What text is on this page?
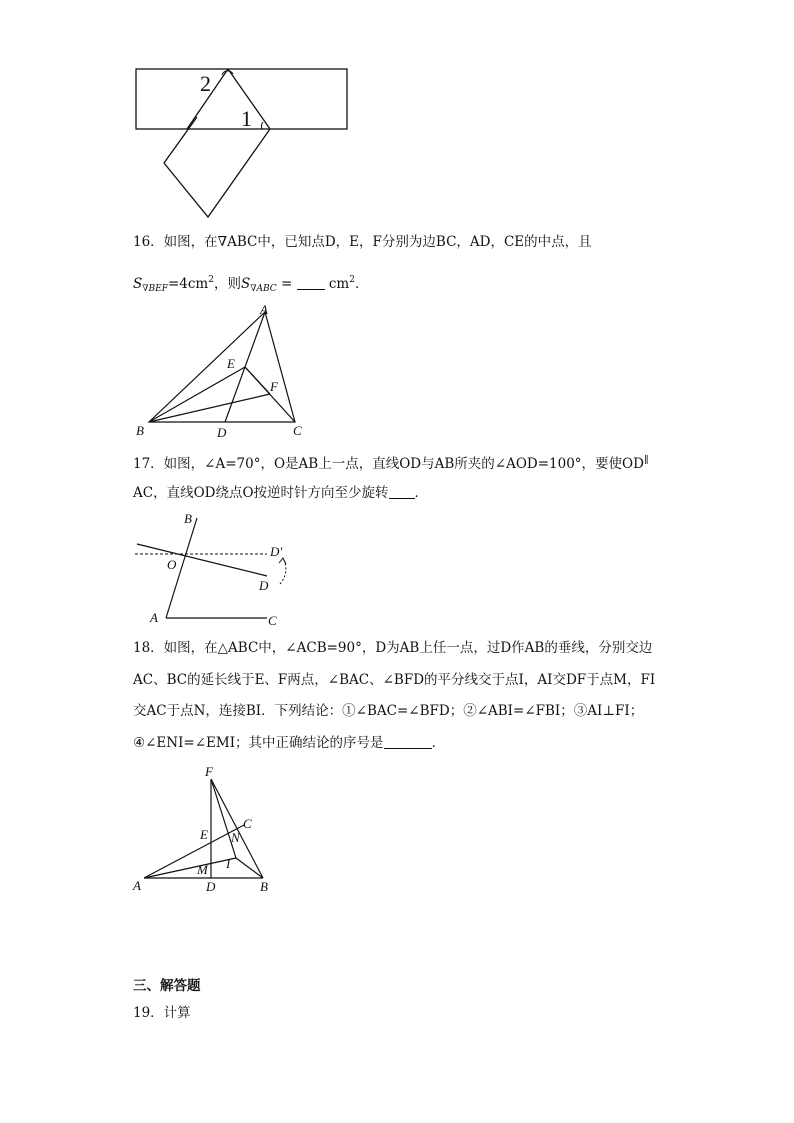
2
1
16．如图，在∇ABC中，已知点D，E，F分别为边BC，AD，CE的中点，且
$S_{\nabla BEF}=4cm^2$，则$S_{\nabla ABC} = cm^2$．
A
B	C
D
E
F
17．如图，∠A=70°，O是AB上一点，直线OD与AB所夹的∠AOD=100°，要使OD∥
AC，直线OD绕点O按逆时针方向至少旋转 ．
B
O
D′
D
A	C
18．如图，在△ABC中，∠ACB=90°，D为AB上任一点，过D作AB的垂线，分别交边
AC、BC的延长线于E、F两点，∠BAC、∠BFD的平分线交于点I，AI交DF于点M，FI
交AC于点N，连接BI．下列结论：①∠BAC=∠BFD；②∠ABI=∠FBI；③AI⊥FI；
④∠ENI=∠EMI；其中正确结论的序号是	．
F
E
C
N
I
M
A	D	B
三、解答题
19．计算
